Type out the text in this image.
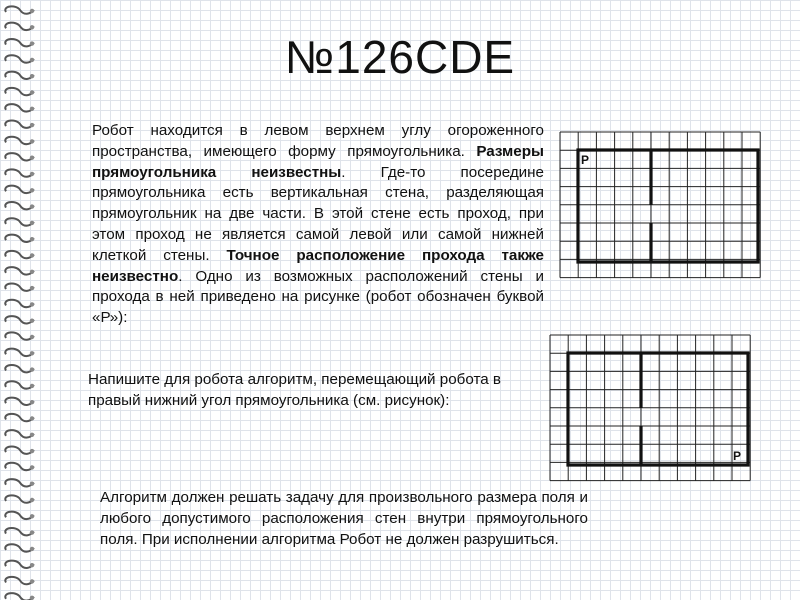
№126CDE
Робот находится в левом верхнем углу огороженного пространства, имеющего форму прямоугольника. Размеры прямоугольника неизвестны. Где-то посередине прямоугольника есть вертикальная стена, разделяющая прямоугольник на две части. В этой стене есть проход, при этом проход не является самой левой или самой нижней клеткой стены. Точное расположение прохода также неизвестно. Одно из возможных расположений стены и прохода в ней приведено на рисунке (робот обозначен буквой «Р»):
Напишите для робота алгоритм, перемещающий робота в правый нижний угол прямоугольника (см. рисунок):
Алгоритм должен решать задачу для произвольного размера поля и любого допустимого расположения стен внутри прямоугольного поля. При исполнении алгоритма Робот не должен разрушиться.
Р
Р
